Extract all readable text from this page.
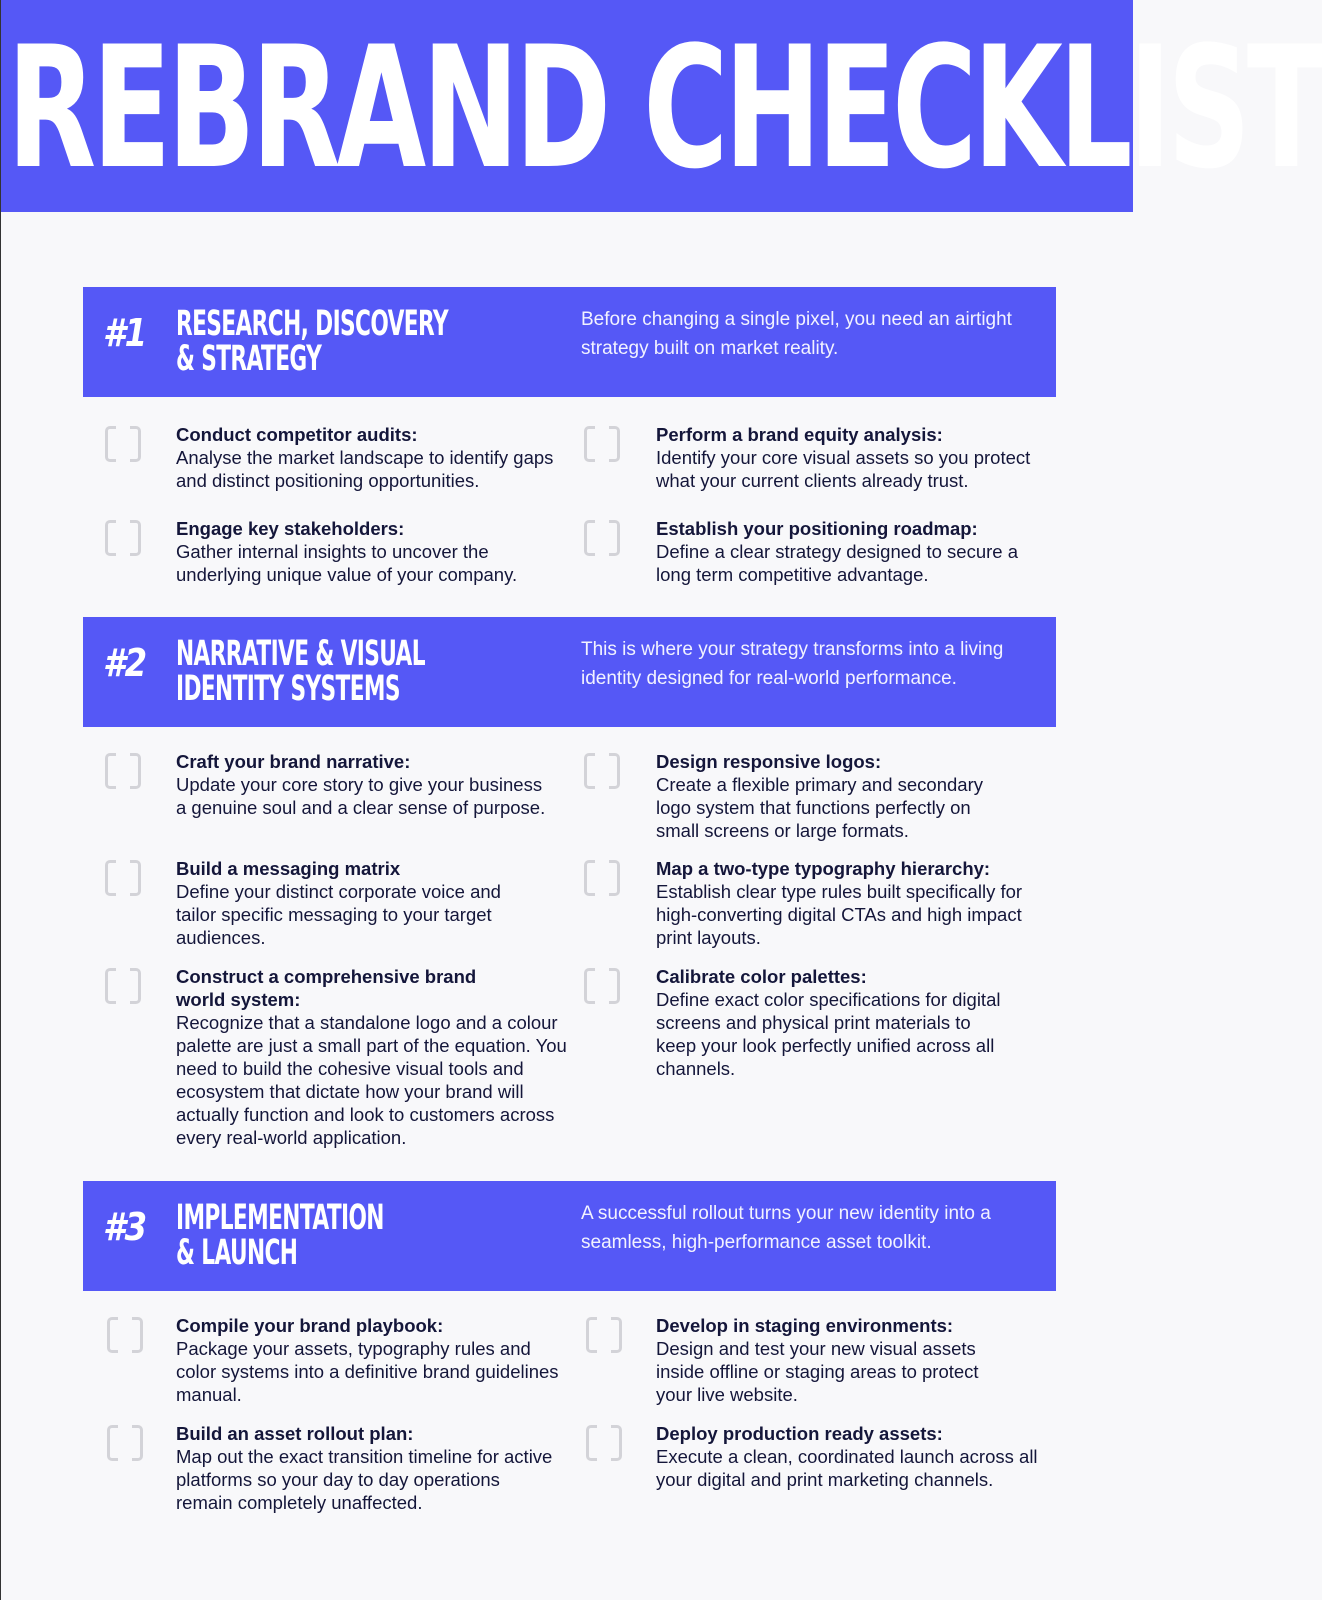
REBRAND CHECKLIST
#1 RESEARCH, DISCOVERY
& STRATEGY
Before changing a single pixel, you need an airtight strategy built on market reality.
Conduct competitor audits:
Analyse the market landscape to identify gaps and distinct positioning opportunities.
Perform a brand equity analysis:
Identify your core visual assets so you protect what your current clients already trust.
Engage key stakeholders:
Gather internal insights to uncover the underlying unique value of your company.
Establish your positioning roadmap:
Define a clear strategy designed to secure a long term competitive advantage.
#2 NARRATIVE & VISUAL
IDENTITY SYSTEMS
This is where your strategy transforms into a living identity designed for real-world performance.
Craft your brand narrative:
Update your core story to give your business a genuine soul and a clear sense of purpose.
Design responsive logos:
Create a flexible primary and secondary logo system that functions perfectly on small screens or large formats.
Build a messaging matrix
Define your distinct corporate voice and tailor specific messaging to your target audiences.
Map a two-type typography hierarchy:
Establish clear type rules built specifically for high-converting digital CTAs and high impact print layouts.
Construct a comprehensive brand world system:
Recognize that a standalone logo and a colour palette are just a small part of the equation. You need to build the cohesive visual tools and ecosystem that dictate how your brand will actually function and look to customers across every real-world application.
Calibrate color palettes:
Define exact color specifications for digital screens and physical print materials to keep your look perfectly unified across all channels.
#3 IMPLEMENTATION
& LAUNCH
A successful rollout turns your new identity into a seamless, high-performance asset toolkit.
Compile your brand playbook:
Package your assets, typography rules and color systems into a definitive brand guidelines manual.
Develop in staging environments:
Design and test your new visual assets inside offline or staging areas to protect your live website.
Build an asset rollout plan:
Map out the exact transition timeline for active platforms so your day to day operations remain completely unaffected.
Deploy production ready assets:
Execute a clean, coordinated launch across all your digital and print marketing channels.
